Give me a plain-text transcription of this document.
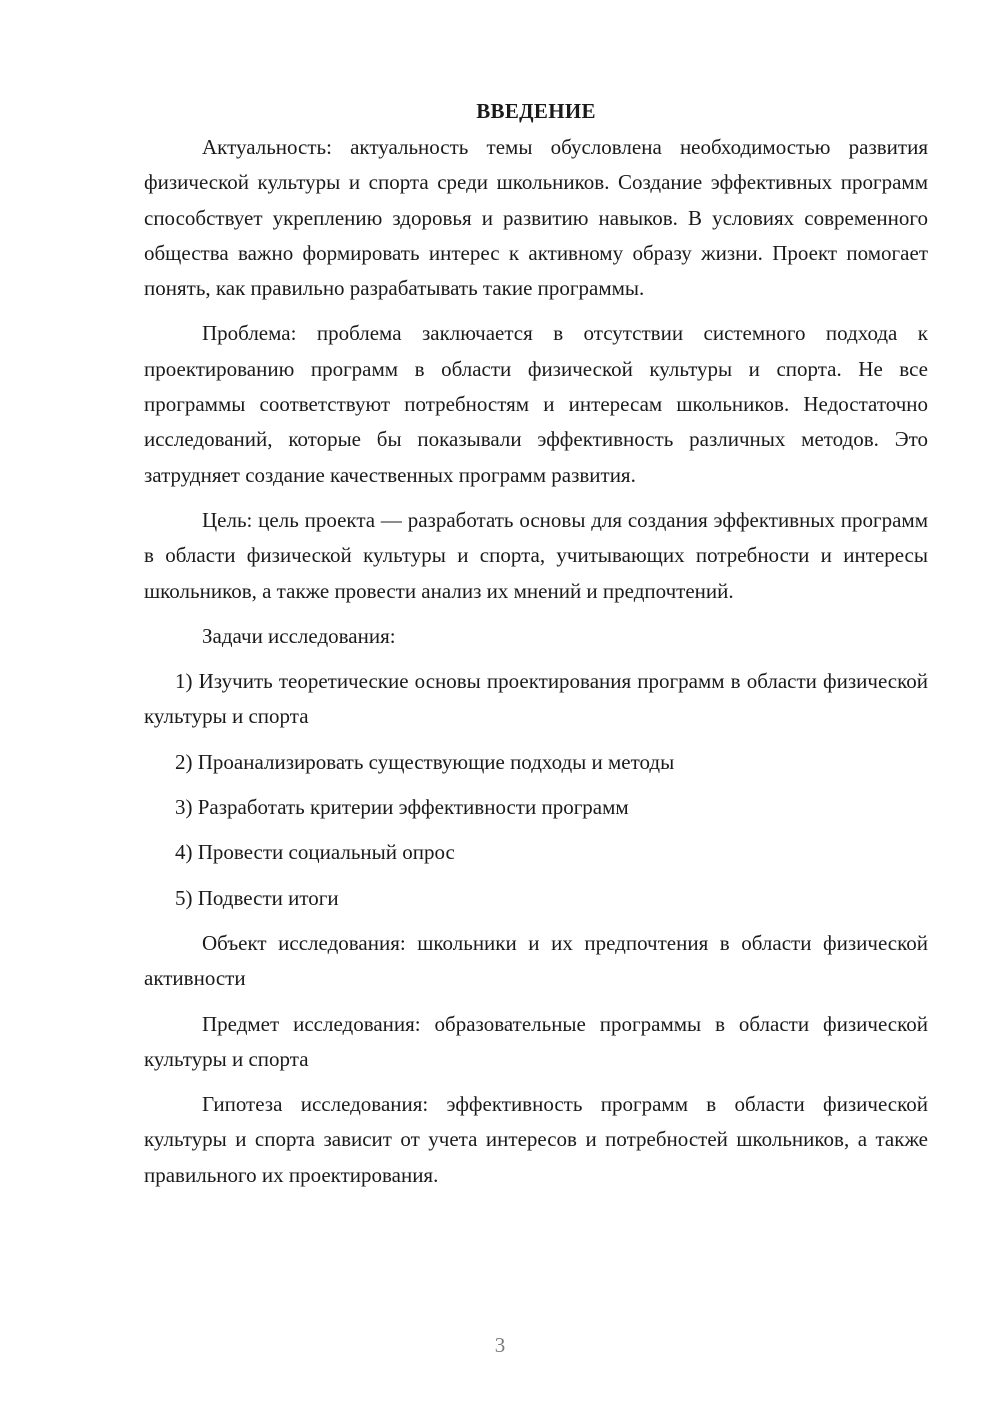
ВВЕДЕНИЕ

Актуальность: актуальность темы обусловлена необходимостью развития физической культуры и спорта среди школьников. Создание эффективных программ способствует укреплению здоровья и развитию навыков. В условиях современного общества важно формировать интерес к активному образу жизни. Проект помогает понять, как правильно разрабатывать такие программы.

Проблема: проблема заключается в отсутствии системного подхода к проектированию программ в области физической культуры и спорта. Не все программы соответствуют потребностям и интересам школьников. Недостаточно исследований, которые бы показывали эффективность различных методов. Это затрудняет создание качественных программ развития.

Цель: цель проекта — разработать основы для создания эффективных программ в области физической культуры и спорта, учитывающих потребности и интересы школьников, а также провести анализ их мнений и предпочтений.

Задачи исследования:

1) Изучить теоретические основы проектирования программ в области физической культуры и спорта

2) Проанализировать существующие подходы и методы

3) Разработать критерии эффективности программ

4) Провести социальный опрос

5) Подвести итоги

Объект исследования: школьники и их предпочтения в области физической активности

Предмет исследования: образовательные программы в области физической культуры и спорта

Гипотеза исследования: эффективность программ в области физической культуры и спорта зависит от учета интересов и потребностей школьников, а также правильного их проектирования.

3
